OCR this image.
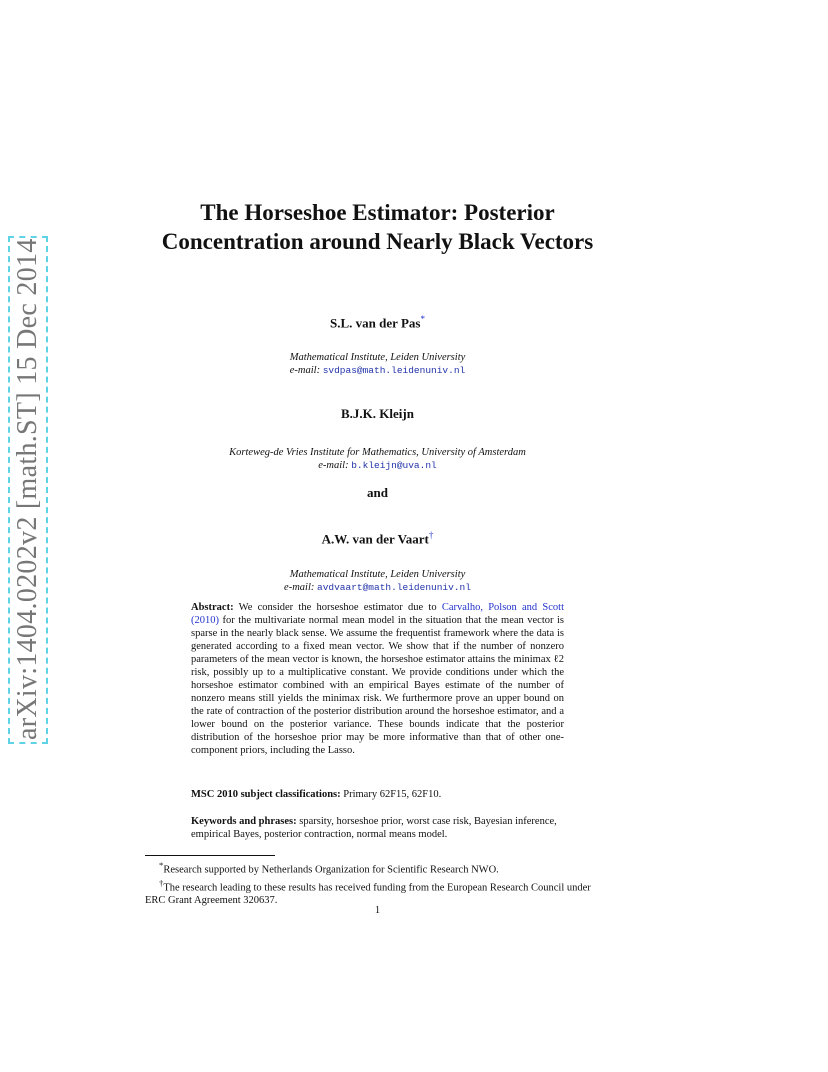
arXiv:1404.0202v2 [math.ST] 15 Dec 2014
The Horseshoe Estimator: Posterior Concentration around Nearly Black Vectors
S.L. van der Pas*
Mathematical Institute, Leiden University
e-mail: svdpas@math.leidenuniv.nl
B.J.K. Kleijn
Korteweg-de Vries Institute for Mathematics, University of Amsterdam
e-mail: b.kleijn@uva.nl
and
A.W. van der Vaart†
Mathematical Institute, Leiden University
e-mail: avdvaart@math.leidenuniv.nl
Abstract: We consider the horseshoe estimator due to Carvalho, Polson and Scott (2010) for the multivariate normal mean model in the situation that the mean vector is sparse in the nearly black sense. We assume the frequentist framework where the data is generated according to a fixed mean vector. We show that if the number of nonzero parameters of the mean vector is known, the horseshoe estimator attains the minimax ℓ2 risk, possibly up to a multiplicative constant. We provide conditions under which the horseshoe estimator combined with an empirical Bayes estimate of the number of nonzero means still yields the minimax risk. We furthermore prove an upper bound on the rate of contraction of the posterior distribution around the horseshoe estimator, and a lower bound on the posterior variance. These bounds indicate that the posterior distribution of the horseshoe prior may be more informative than that of other one-component priors, including the Lasso.
MSC 2010 subject classifications: Primary 62F15, 62F10.
Keywords and phrases: sparsity, horseshoe prior, worst case risk, Bayesian inference, empirical Bayes, posterior contraction, normal means model.

*Research supported by Netherlands Organization for Scientific Research NWO.

†The research leading to these results has received funding from the European Research Council under ERC Grant Agreement 320637.

1
